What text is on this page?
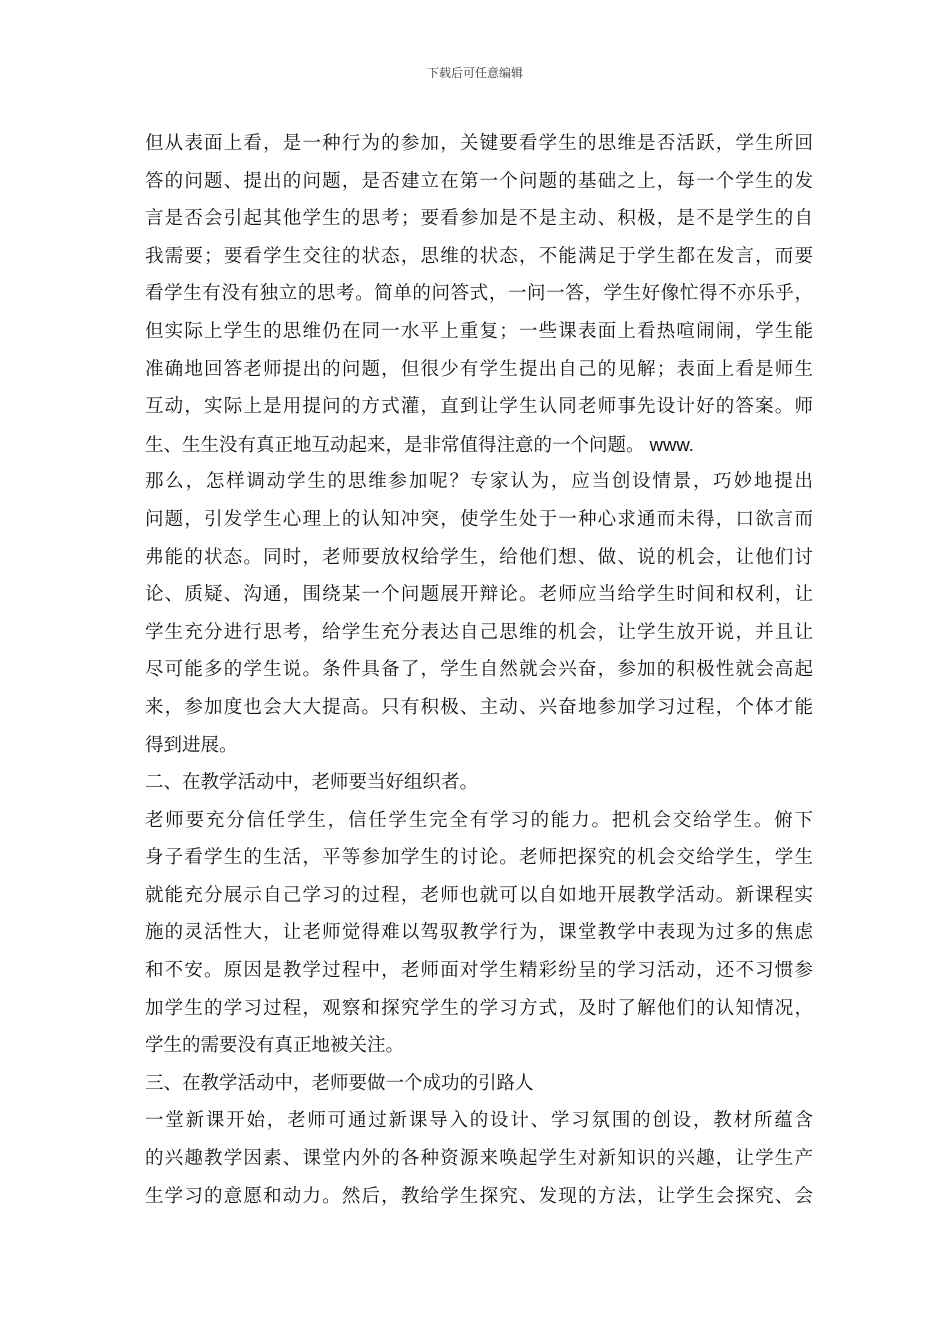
下载后可任意编辑
但从表面上看，是一种行为的参加，关键要看学生的思维是否活跃，学生所回
答的问题、提出的问题，是否建立在第一个问题的基础之上，每一个学生的发
言是否会引起其他学生的思考；要看参加是不是主动、积极，是不是学生的自
我需要；要看学生交往的状态，思维的状态，不能满足于学生都在发言，而要
看学生有没有独立的思考。简单的问答式，一问一答，学生好像忙得不亦乐乎，
但实际上学生的思维仍在同一水平上重复；一些课表面上看热喧闹闹，学生能
准确地回答老师提出的问题，但很少有学生提出自己的见解；表面上看是师生
互动，实际上是用提问的方式灌，直到让学生认同老师事先设计好的答案。师
生、生生没有真正地互动起来，是非常值得注意的一个问题。 www.
那么，怎样调动学生的思维参加呢？专家认为，应当创设情景，巧妙地提出
问题，引发学生心理上的认知冲突，使学生处于一种心求通而未得，口欲言而
弗能的状态。同时，老师要放权给学生，给他们想、做、说的机会，让他们讨
论、质疑、沟通，围绕某一个问题展开辩论。老师应当给学生时间和权利，让
学生充分进行思考，给学生充分表达自己思维的机会，让学生放开说，并且让
尽可能多的学生说。条件具备了，学生自然就会兴奋，参加的积极性就会高起
来，参加度也会大大提高。只有积极、主动、兴奋地参加学习过程，个体才能
得到进展。
二、在教学活动中，老师要当好组织者。
老师要充分信任学生，信任学生完全有学习的能力。把机会交给学生。俯下
身子看学生的生活，平等参加学生的讨论。老师把探究的机会交给学生，学生
就能充分展示自己学习的过程，老师也就可以自如地开展教学活动。新课程实
施的灵活性大，让老师觉得难以驾驭教学行为，课堂教学中表现为过多的焦虑
和不安。原因是教学过程中，老师面对学生精彩纷呈的学习活动，还不习惯参
加学生的学习过程，观察和探究学生的学习方式，及时了解他们的认知情况，
学生的需要没有真正地被关注。
三、在教学活动中，老师要做一个成功的引路人
一堂新课开始，老师可通过新课导入的设计、学习氛围的创设，教材所蕴含
的兴趣教学因素、课堂内外的各种资源来唤起学生对新知识的兴趣，让学生产
生学习的意愿和动力。然后，教给学生探究、发现的方法，让学生会探究、会
